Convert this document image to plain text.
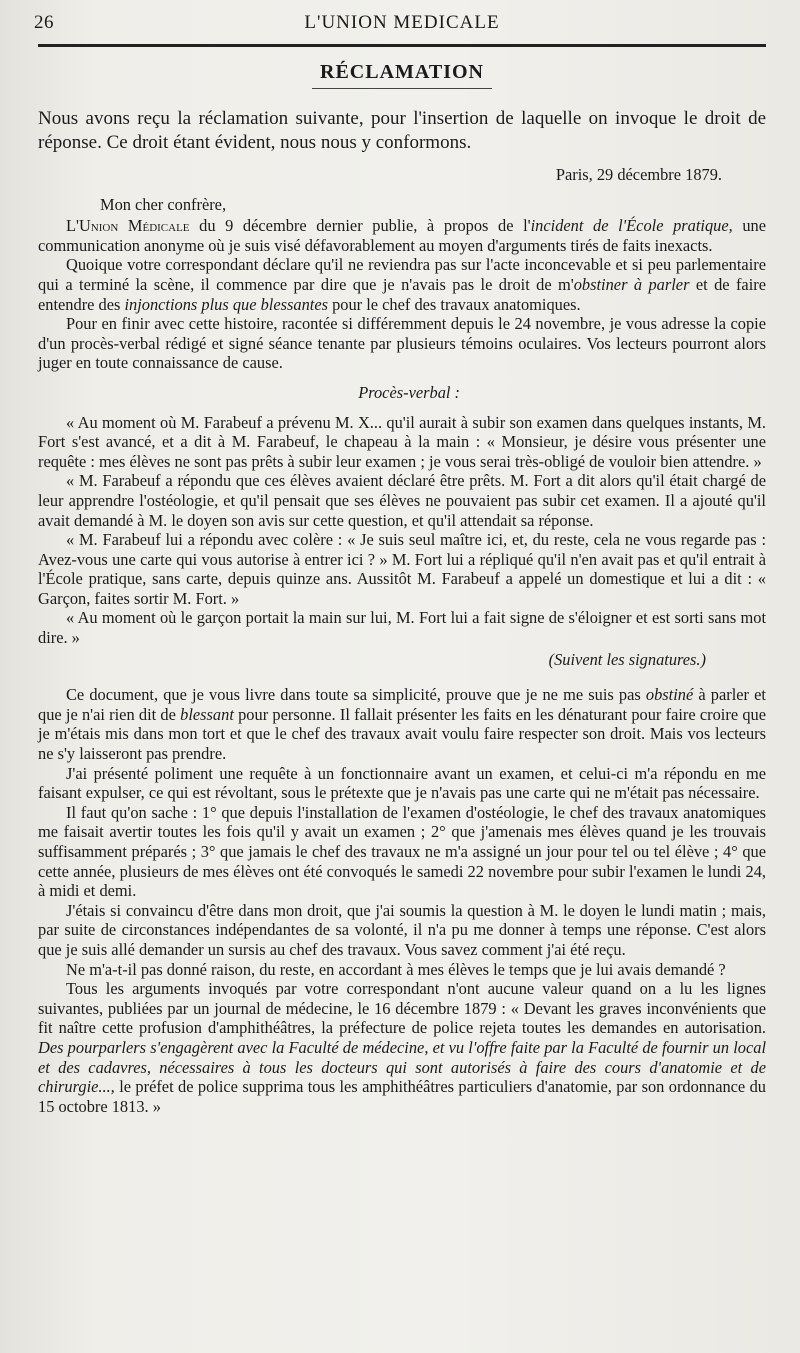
26	L'UNION MEDICALE
RÉCLAMATION

Nous avons reçu la réclamation suivante, pour l'insertion de laquelle on invoque le droit de réponse. Ce droit étant évident, nous nous y conformons.

Paris, 29 décembre 1879.

Mon cher confrère,

L'Union Médicale du 9 décembre dernier publie, à propos de l'incident de l'École pratique, une communication anonyme où je suis visé défavorablement au moyen d'arguments tirés de faits inexacts.

Quoique votre correspondant déclare qu'il ne reviendra pas sur l'acte inconcevable et si peu parlementaire qui a terminé la scène, il commence par dire que je n'avais pas le droit de m'obstiner à parler et de faire entendre des injonctions plus que blessantes pour le chef des travaux anatomiques.

Pour en finir avec cette histoire, racontée si différemment depuis le 24 novembre, je vous adresse la copie d'un procès-verbal rédigé et signé séance tenante par plusieurs témoins oculaires. Vos lecteurs pourront alors juger en toute connaissance de cause.

Procès-verbal :

« Au moment où M. Farabeuf a prévenu M. X... qu'il aurait à subir son examen dans quelques instants, M. Fort s'est avancé, et a dit à M. Farabeuf, le chapeau à la main : « Monsieur, je désire vous présenter une requête : mes élèves ne sont pas prêts à subir leur examen ; je vous serai très-obligé de vouloir bien attendre. »

« M. Farabeuf a répondu que ces élèves avaient déclaré être prêts. M. Fort a dit alors qu'il était chargé de leur apprendre l'ostéologie, et qu'il pensait que ses élèves ne pouvaient pas subir cet examen. Il a ajouté qu'il avait demandé à M. le doyen son avis sur cette question, et qu'il attendait sa réponse.

« M. Farabeuf lui a répondu avec colère : « Je suis seul maître ici, et, du reste, cela ne vous regarde pas : Avez-vous une carte qui vous autorise à entrer ici ? » M. Fort lui a répliqué qu'il n'en avait pas et qu'il entrait à l'École pratique, sans carte, depuis quinze ans. Aussitôt M. Farabeuf a appelé un domestique et lui a dit : « Garçon, faites sortir M. Fort. »

« Au moment où le garçon portait la main sur lui, M. Fort lui a fait signe de s'éloigner et est sorti sans mot dire. »

(Suivent les signatures.)

Ce document, que je vous livre dans toute sa simplicité, prouve que je ne me suis pas obstiné à parler et que je n'ai rien dit de blessant pour personne. Il fallait présenter les faits en les dénaturant pour faire croire que je m'étais mis dans mon tort et que le chef des travaux avait voulu faire respecter son droit. Mais vos lecteurs ne s'y laisseront pas prendre.

J'ai présenté poliment une requête à un fonctionnaire avant un examen, et celui-ci m'a répondu en me faisant expulser, ce qui est révoltant, sous le prétexte que je n'avais pas une carte qui ne m'était pas nécessaire.

Il faut qu'on sache : 1° que depuis l'installation de l'examen d'ostéologie, le chef des travaux anatomiques me faisait avertir toutes les fois qu'il y avait un examen ; 2° que j'amenais mes élèves quand je les trouvais suffisamment préparés ; 3° que jamais le chef des travaux ne m'a assigné un jour pour tel ou tel élève ; 4° que cette année, plusieurs de mes élèves ont été convoqués le samedi 22 novembre pour subir l'examen le lundi 24, à midi et demi.

J'étais si convaincu d'être dans mon droit, que j'ai soumis la question à M. le doyen le lundi matin ; mais, par suite de circonstances indépendantes de sa volonté, il n'a pu me donner à temps une réponse. C'est alors que je suis allé demander un sursis au chef des travaux. Vous savez comment j'ai été reçu.

Ne m'a-t-il pas donné raison, du reste, en accordant à mes élèves le temps que je lui avais demandé ?

Tous les arguments invoqués par votre correspondant n'ont aucune valeur quand on a lu les lignes suivantes, publiées par un journal de médecine, le 16 décembre 1879 : « Devant les graves inconvénients que fit naître cette profusion d'amphithéâtres, la préfecture de police rejeta toutes les demandes en autorisation. Des pourparlers s'engagèrent avec la Faculté de médecine, et vu l'offre faite par la Faculté de fournir un local et des cadavres, nécessaires à tous les docteurs qui sont autorisés à faire des cours d'anatomie et de chirurgie..., le préfet de police supprima tous les amphithéâtres particuliers d'anatomie, par son ordonnance du 15 octobre 1813. »
